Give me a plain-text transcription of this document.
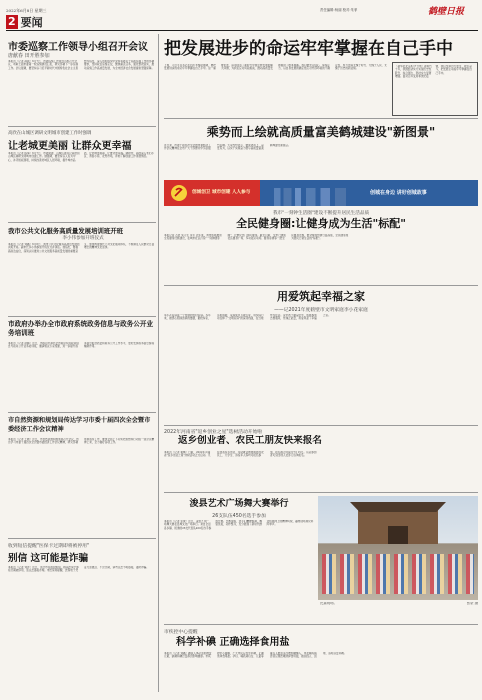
2022年6月8日 星期三
2 要闻
责任编辑:杨丽 校对:朱菲	鹤壁日报
市委巡察工作领导小组召开会议
唐献春 田开胜参加
本报讯（记者 郝振）6月7日，市委巡察工作领导小组召开会议，听取七届市委第一轮巡察情况汇报，研究部署下一步巡察工作。会议强调，要坚持以习近平新时代中国特色社会主义思想为指导，深入贯彻落实中央和省委关于巡视巡察工作的部署要求，坚持政治巡察定位，聚焦重点任务，强化整改落实，推动巡察工作高质量发展，为全市经济社会发展提供坚强保障。
高欣在山城区调研文明城市创建工作时强调
让老城更美丽 让群众更幸福
本报讯（记者 杨倩）6月7日，市委常委、山城区委书记高欣到山城区调研文明城市创建工作。她强调，要坚持以人民为中心，补齐短板弱项，持续改善老城区人居环境，提升城市品质，让老城更美丽，让群众更幸福。调研中，高欣深入老旧小区、背街小巷、农贸市场，详细了解创建工作进展情况。
我市公共文化服务高质量发展培训班开班
李小伟参加开班仪式
本报讯（记者 刘鑫）6月6日，我市公共文化服务高质量发展培训班开班。副市长李小伟参加开班仪式并讲话。他指出，要提高政治站位，深刻认识推进公共文化服务高质量发展的重要意义，加快构建现代公共文化服务体系，不断满足人民群众日益增长的精神文化需求。
市政府办举办全市政府系统政务信息与政务公开业务培训班
本报讯（记者 赵静）近日，市政府办举办全市政府系统政务信息与政务公开业务培训班，邀请相关专家授课，进一步提升政务信息报送质量和政务公开工作水平，更好发挥政务信息参谋辅助作用。
市自然资源和规划局传达学习市委十届四次全会暨市委经济工作会议精神
本报讯（记者 王晓）近日，市自然资源和规划局召开会议，传达学习市委十届四次全会暨市委经济工作会议精神，研究部署贯彻落实工作，要求全局上下切实把思想和行动统一到会议精神上来，全力做好各项工作。
收到短信提醒"医保卡过期即将被停用"
别信 这可能是诈骗
本报讯（记者 刘洋）近日，部分市民收到短信，称其医保卡即将过期被停用，需点击链接办理。市医保局提醒，医保电子凭证无需激活、不会过期，请勿点击不明链接，谨防诈骗。
把发展进步的命运牢牢掌握在自己手中
上周，习近平总书记在四川考察时强调，要把发展进步的命运牢牢掌握在自己手中。这一重要论述，深刻回答了新时代中国怎样发展的重大问题，为我们应对风险挑战、推动高质量发展提供了根本遵循。我们要坚定信心、保持定力，以自身发展的确定性应对外部环境的不确定性，努力创造无愧于时代、无愧于人民、无愧于历史的新业绩。
（新华社北京6月7日电）新时代十年，我国经济实力实现历史性跃升，综合国力、科技实力显著增强。面对百年变局和世纪疫情，我们坚持自力更生、艰苦奋斗，把发展主动权牢牢掌握在自己手中。
乘势而上绘就高质量富美鹤城建设"新图景"
连日来，市委十届四次全会暨市委经济工作会议精神在全市广大干部群众中引起强烈反响。大家纷纷表示，要乘势而上、奋发有为，以实干实绩奋力谱写高质量富美鹤城建设新篇章。
创城创卫 城市创建 人人参与	创城在身边 讲好创城故事
我市"一刻钟生活圈"建设不断提升居民生活品质
全民健身圈:让健身成为生活"标配"
本报记者 石岩 实习生 李芳 近年来，我市积极推进全民健身设施建设，在城市社区打造"一刻钟健身圈"，让群众出门即可健身。截至目前，全市已建成社区健身广场、多功能运动场、健身步道等一批全民健身设施，群众健身热情日益高涨，全民健身成为居民日常生活的"标配"。
用爱筑起幸福之家
——记2021年度鹤壁市文明家庭李小花家庭
李小花家庭是一个普通的农村家庭。多年来，她悉心照顾患病的婆婆，勤俭持家，邻里和睦，家庭成员互敬互爱，用实际行动诠释了"文明家庭"的深刻内涵，在当地传为佳话。家中孩子勤奋好学，积极参加志愿服务，传递正能量，用爱筑起了幸福之家。
2022年河南省"返乡创业之星"选树活动开始啦
返乡创业者、农民工朋友快来报名
本报讯（记者 秦佩）日前，2022年河南省"返乡创业之星"选树活动正式启动。凡在我省返乡创业、带动就业效果明显的农民工、大学生、退役军人等均可报名参加，报名截止时间为7月15日。有意参加者可到当地人社部门咨询报名。
浚县艺术广场舞大赛举行
26支队伍450名选手参加
本报讯（记者 张蒙）近日，浚县艺术广场舞大赛在县城文化广场举行。来自全县各乡镇、街道的26支代表队450名选手参加比赛。比赛现场，选手们精神饱满，舞姿优美，动作整齐，充分展现了新时代群众积极向上的精神风貌，赢得现场观众阵阵掌声。
比赛现场。	张蒙 摄
市疾控中心提醒
科学补碘 正确选择食用盐
本报讯（记者 刘鑫）碘是人体必需的微量元素，缺碘和碘过量都会影响健康。市疾控中心提醒，广大市民应科学补碘，正确选择食用盐。孕妇、哺乳期妇女、儿童等重点人群需适当增加碘摄入，甲状腺疾病患者应遵医嘱选择食用盐，做到因人、因地、适时适量补碘。
